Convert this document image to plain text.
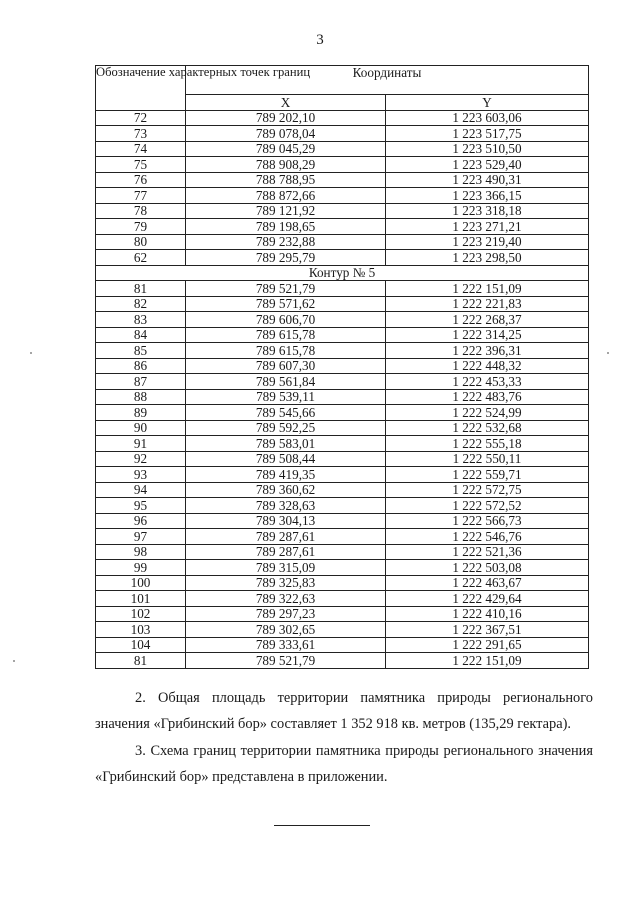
3
Обозначение характерных точек границ	Координаты	
	X	Y
72	789 202,10	1 223 603,06
73	789 078,04	1 223 517,75
74	789 045,29	1 223 510,50
75	788 908,29	1 223 529,40
76	788 788,95	1 223 490,31
77	788 872,66	1 223 366,15
78	789 121,92	1 223 318,18
79	789 198,65	1 223 271,21
80	789 232,88	1 223 219,40
62	789 295,79	1 223 298,50
Контур № 5		
81	789 521,79	1 222 151,09
82	789 571,62	1 222 221,83
83	789 606,70	1 222 268,37
84	789 615,78	1 222 314,25
85	789 615,78	1 222 396,31
86	789 607,30	1 222 448,32
87	789 561,84	1 222 453,33
88	789 539,11	1 222 483,76
89	789 545,66	1 222 524,99
90	789 592,25	1 222 532,68
91	789 583,01	1 222 555,18
92	789 508,44	1 222 550,11
93	789 419,35	1 222 559,71
94	789 360,62	1 222 572,75
95	789 328,63	1 222 572,52
96	789 304,13	1 222 566,73
97	789 287,61	1 222 546,76
98	789 287,61	1 222 521,36
99	789 315,09	1 222 503,08
100	789 325,83	1 222 463,67
101	789 322,63	1 222 429,64
102	789 297,23	1 222 410,16
103	789 302,65	1 222 367,51
104	789 333,61	1 222 291,65
81	789 521,79	1 222 151,09
2. Общая площадь территории памятника природы регионального значения «Грибинский бор» составляет 1 352 918 кв. метров (135,29 гектара).
3. Схема границ территории памятника природы регионального значения «Грибинский бор» представлена в приложении.
